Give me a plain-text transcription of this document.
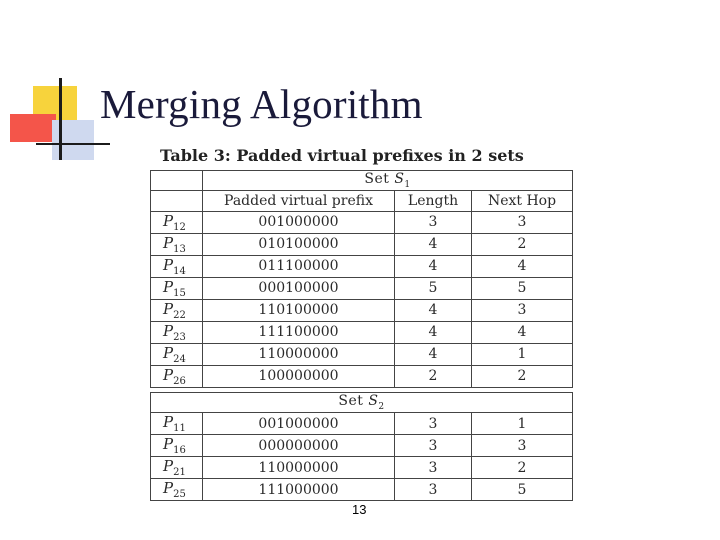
Merging Algorithm
Table 3: Padded virtual prefixes in 2 sets
	Set $S_1$
	Padded virtual prefix	Length	Next Hop
$P_{12}$	001000000	3	3
$P_{13}$	010100000	4	2
$P_{14}$	011100000	4	4
$P_{15}$	000100000	5	5
$P_{22}$	110100000	4	3
$P_{23}$	111100000	4	4
$P_{24}$	110000000	4	1
$P_{26}$	100000000	2	2
Set $S_2$
$P_{11}$	001000000	3	1
$P_{16}$	000000000	3	3
$P_{21}$	110000000	3	2
$P_{25}$	111000000	3	5
13
